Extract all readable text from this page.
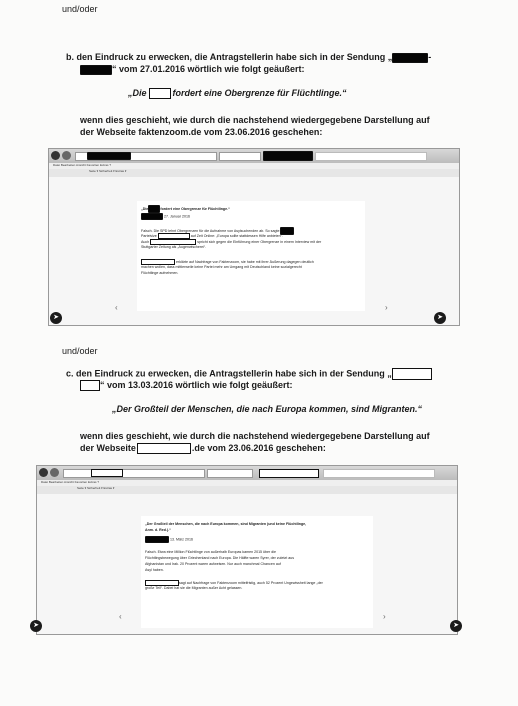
und/oder
b. den Eindruck zu erwecken, die Antragstellerin habe sich in der Sendung „	-
“ vom 27.01.2016 wörtlich wie folgt geäußert:
„Die	fordert eine Obergrenze für Flüchtlinge.“
wenn dies geschieht, wie durch die nachstehend wiedergegebene Darstellung auf
der Webseite faktenzoom.de vom 23.06.2016 geschehen:
Datei Bearbeiten Ansicht Favoriten Extras ?
Seite ▾ Sicherheit ▾ Extras ▾
„Die	fordert eine Obergrenze für Flüchtlinge.“
27. Januar 2016
Falsch. Die SPD lehnt Obergrenzen für die Aufnahme von Asylsuchenden ab. So sagte
Parteivize	auf Zeit Online: „Europa sollte stattdessen Hilfe anbieten“.
Auch	spricht sich gegen die Einführung einer Obergrenze in einem Interview mit der
Stuttgarter Zeitung als „Augenwischerei“.
erklärte auf Nachfrage von Faktenzoom, sie habe mit ihrer Äußerung dagegen deutlich
machen wollen, dass mittlerweile keine Partei mehr am Umgang mit Deutschland keine sozialgerecht
Flüchtlinge aufnehmen.
‹	›
➤	➤
und/oder
c. den Eindruck zu erwecken, die Antragstellerin habe sich in der Sendung „
“ vom 13.03.2016 wörtlich wie folgt geäußert:
„Der Großteil der Menschen, die nach Europa kommen, sind Migranten.“
wenn dies geschieht, wie durch die nachstehend wiedergegebene Darstellung auf
der Webseite	.de vom 23.06.2016 geschehen:
Datei Bearbeiten Ansicht Favoriten Extras ?
Seite ▾ Sicherheit ▾ Extras ▾
„Der Großteil der Menschen, die nach Europa kommen, sind Migranten (und keine Flüchtlinge,
Anm. d. Red.).“
13. März 2016
Falsch. Etwa eine Million Flüchtlinge von außerhalb Europas kamen 2015 über die
Flüchtlingsbewegung über Griechenland nach Europa. Die Hälfte waren Syrer, der zuletzt aus
Afghanistan und Irak. 20 Prozent waren aufweisen. Nur auch manchmal Chancen auf
Asyl haben.
sagt auf Nachfrage von Faktenzoom mittelfristig, auch 52 Prozent Ungewissheit lange „der
große Teil“. Dabei hat sie die Migranten außer Acht gelassen.
‹	›
➤	➤
